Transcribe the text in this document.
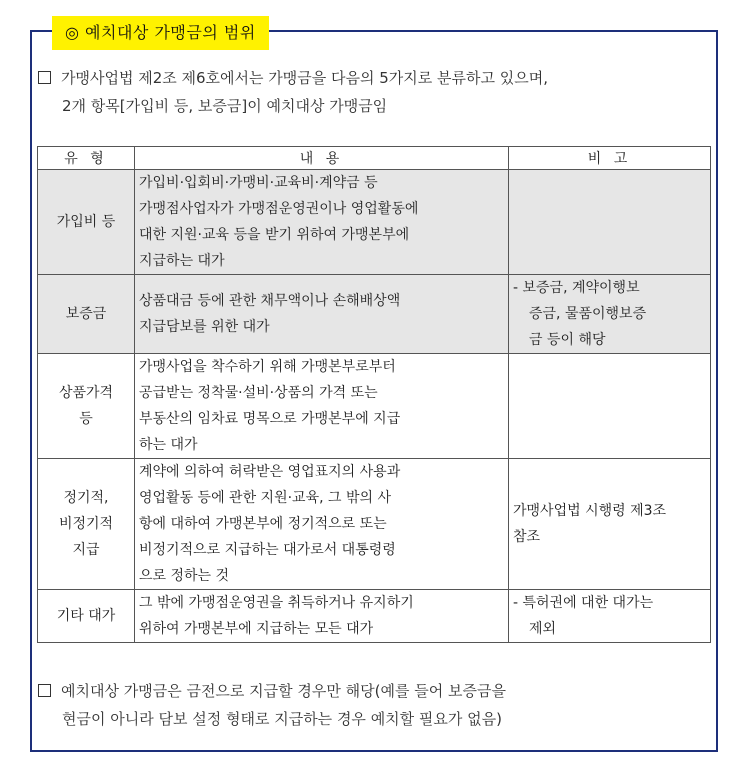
◎ 예치대상 가맹금의 범위
가맹사업법 제2조 제6호에서는 가맹금을 다음의 5가지로 분류하고 있으며,
2개 항목[가입비 등, 보증금]이 예치대상 가맹금임
유 형	내 용	비 고

가입비 등	가입비·입회비·가맹비·교육비·계약금 등
가맹점사업자가 가맹점운영권이나 영업활동에
대한 지원·교육 등을 받기 위하여 가맹본부에
지급하는 대가	

보증금	상품대금 등에 관한 채무액이나 손해배상액
지급담보를 위한 대가	- 보증금, 계약이행보
증금, 물품이행보증
금 등이 해당

상품가격
등	가맹사업을 착수하기 위해 가맹본부로부터
공급받는 정착물·설비·상품의 가격 또는
부동산의 임차료 명목으로 가맹본부에 지급
하는 대가	

정기적,
비정기적
지급	계약에 의하여 허락받은 영업표지의 사용과
영업활동 등에 관한 지원·교육, 그 밖의 사
항에 대하여 가맹본부에 정기적으로 또는
비정기적으로 지급하는 대가로서 대통령령
으로 정하는 것	가맹사업법 시행령 제3조
참조

기타 대가	그 밖에 가맹점운영권을 취득하거나 유지하기
위하여 가맹본부에 지급하는 모든 대가	- 특허권에 대한 대가는
제외
예치대상 가맹금은 금전으로 지급할 경우만 해당(예를 들어 보증금을
현금이 아니라 담보 설정 형태로 지급하는 경우 예치할 필요가 없음)
